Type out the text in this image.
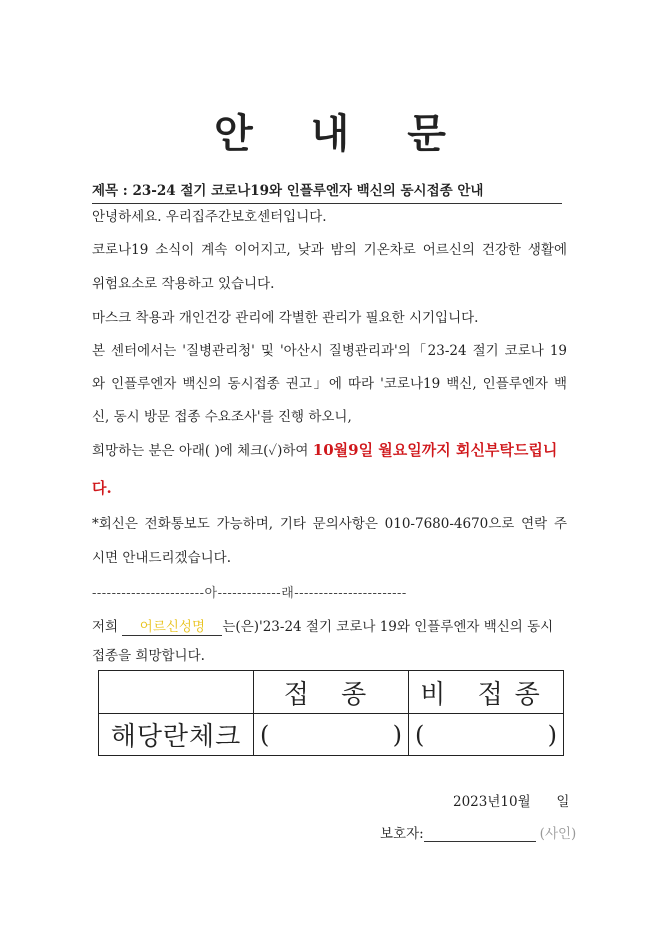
안 내 문
제목 : 23-24 절기 코로나19와 인플루엔자 백신의 동시접종 안내
안녕하세요. 우리집주간보호센터입니다.
코로나19 소식이 계속 이어지고, 낮과 밤의 기온차로 어르신의 건강한 생활에
위험요소로 작용하고 있습니다.
마스크 착용과 개인건강 관리에 각별한 관리가 필요한 시기입니다.
본 센터에서는 '질병관리청' 및 '아산시 질병관리과'의「23-24 절기 코로나 19
와 인플루엔자 백신의 동시접종 권고」에 따라 '코로나19 백신, 인플루엔자 백
신, 동시 방문 접종 수요조사'를 진행 하오니,
희망하는 분은 아래( )에 체크(✓)하여 10월9일 월요일까지 회신부탁드립니
다.
*회신은 전화통보도 가능하며, 기타 문의사항은 010-7680-4670으로 연락 주
시면 안내드리겠습니다.
-----------------------아-------------래-----------------------
저희 어르신성명 는(은)'23-24 절기 코로나 19와 인플루엔자 백신의 동시
접종을 희망합니다.
	접 종	비 접종
해당란체크	( )	( )
2023년10월      일
보호자:	(사인)
